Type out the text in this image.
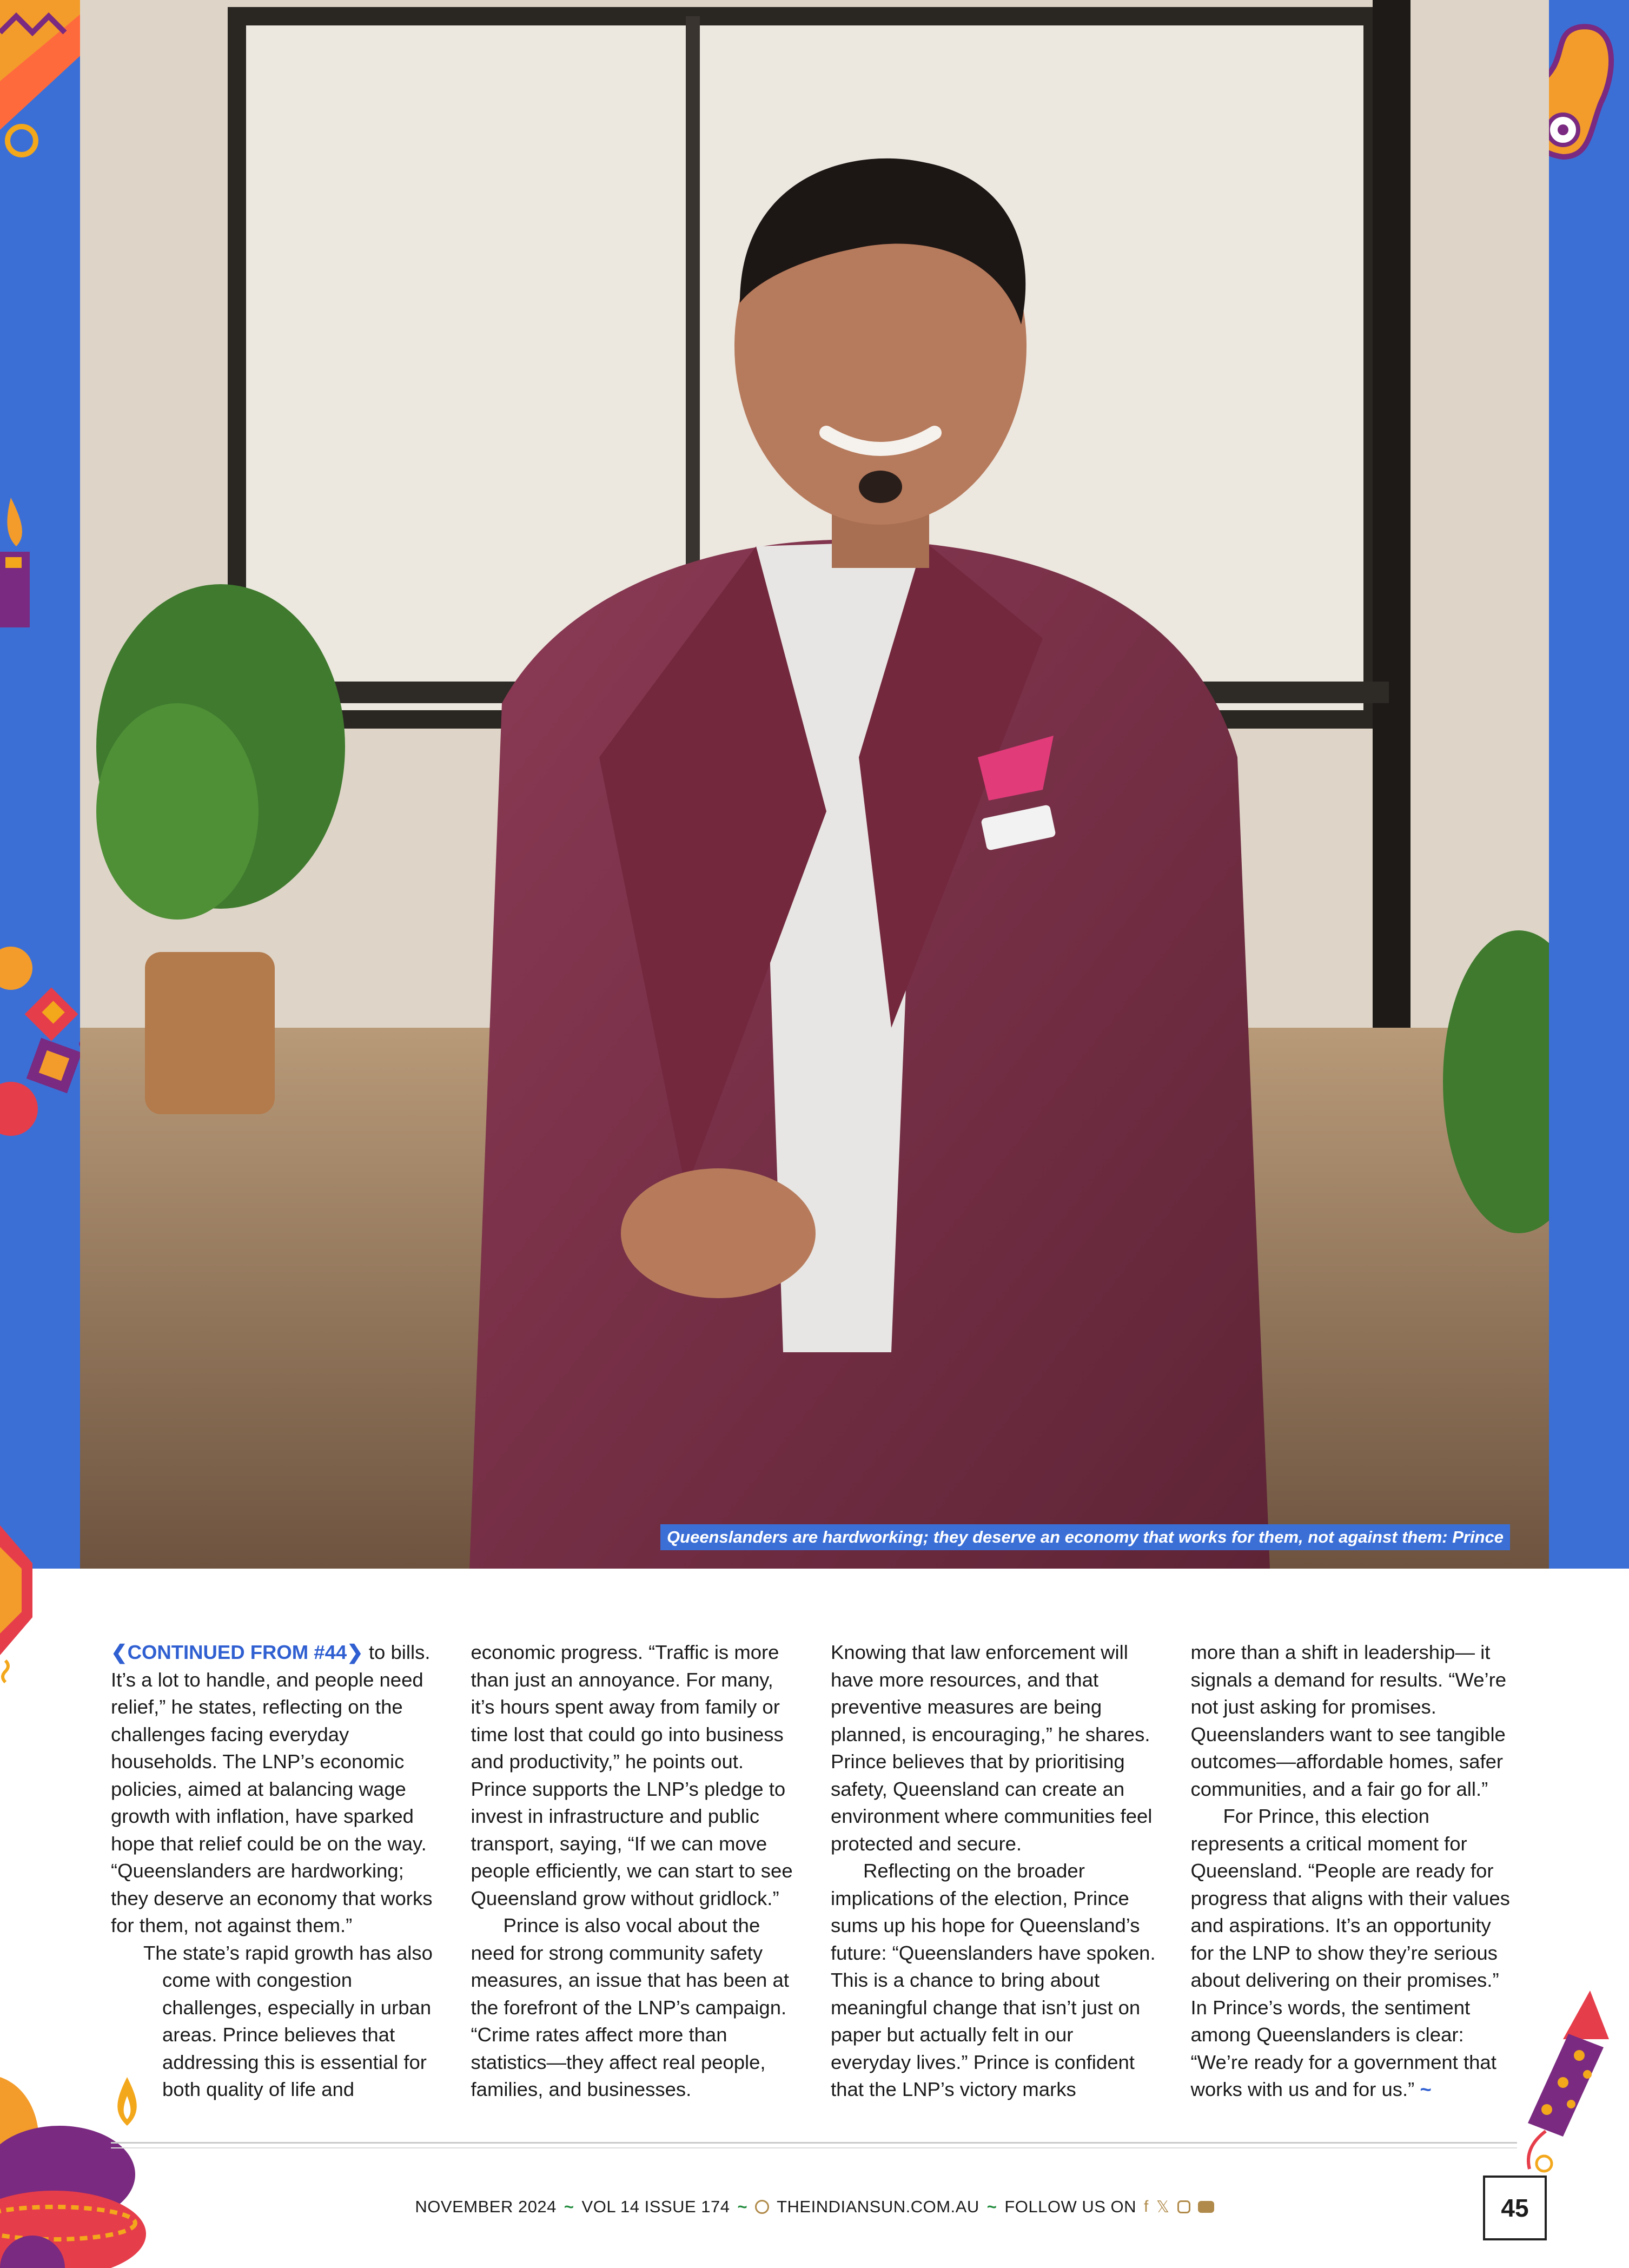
Queenslanders are hardworking; they deserve an economy that works for them, not against them: Prince

❮CONTINUED FROM #44❯ to bills. It’s a lot to handle, and people need relief,” he states, reflecting on the challenges facing everyday households. The LNP’s economic policies, aimed at balancing wage growth with inflation, have sparked hope that relief could be on the way. “Queenslanders are hardworking; they deserve an economy that works for them, not against them.”

The state’s rapid growth has also come with congestion challenges, especially in urban areas. Prince believes that addressing this is essential for both quality of life and

economic progress. “Traffic is more than just an annoyance. For many, it’s hours spent away from family or time lost that could go into business and productivity,” he points out. Prince supports the LNP’s pledge to invest in infrastructure and public transport, saying, “If we can move people efficiently, we can start to see Queensland grow without gridlock.”

Prince is also vocal about the need for strong community safety measures, an issue that has been at the forefront of the LNP’s campaign. “Crime rates affect more than statistics—they affect real people, families, and businesses.

Knowing that law enforcement will have more resources, and that preventive measures are being planned, is encouraging,” he shares. Prince believes that by prioritising safety, Queensland can create an environment where communities feel protected and secure.

Reflecting on the broader implications of the election, Prince sums up his hope for Queensland’s future: “Queenslanders have spoken. This is a chance to bring about meaningful change that isn’t just on paper but actually felt in our everyday lives.” Prince is confident that the LNP’s victory marks

more than a shift in leadership— it signals a demand for results. “We’re not just asking for promises. Queenslanders want to see tangible outcomes—affordable homes, safer communities, and a fair go for all.”

For Prince, this election represents a critical moment for Queensland. “People are ready for progress that aligns with their values and aspirations. It’s an opportunity for the LNP to show they’re serious about delivering on their promises.” In Prince’s words, the sentiment among Queenslanders is clear: “We’re ready for a government that works with us and for us.” ~

NOVEMBER 2024 ~ VOL 14 ISSUE 174 ~ THEINDIANSUN.COM.AU ~ FOLLOW US ON f 𝕏	45
